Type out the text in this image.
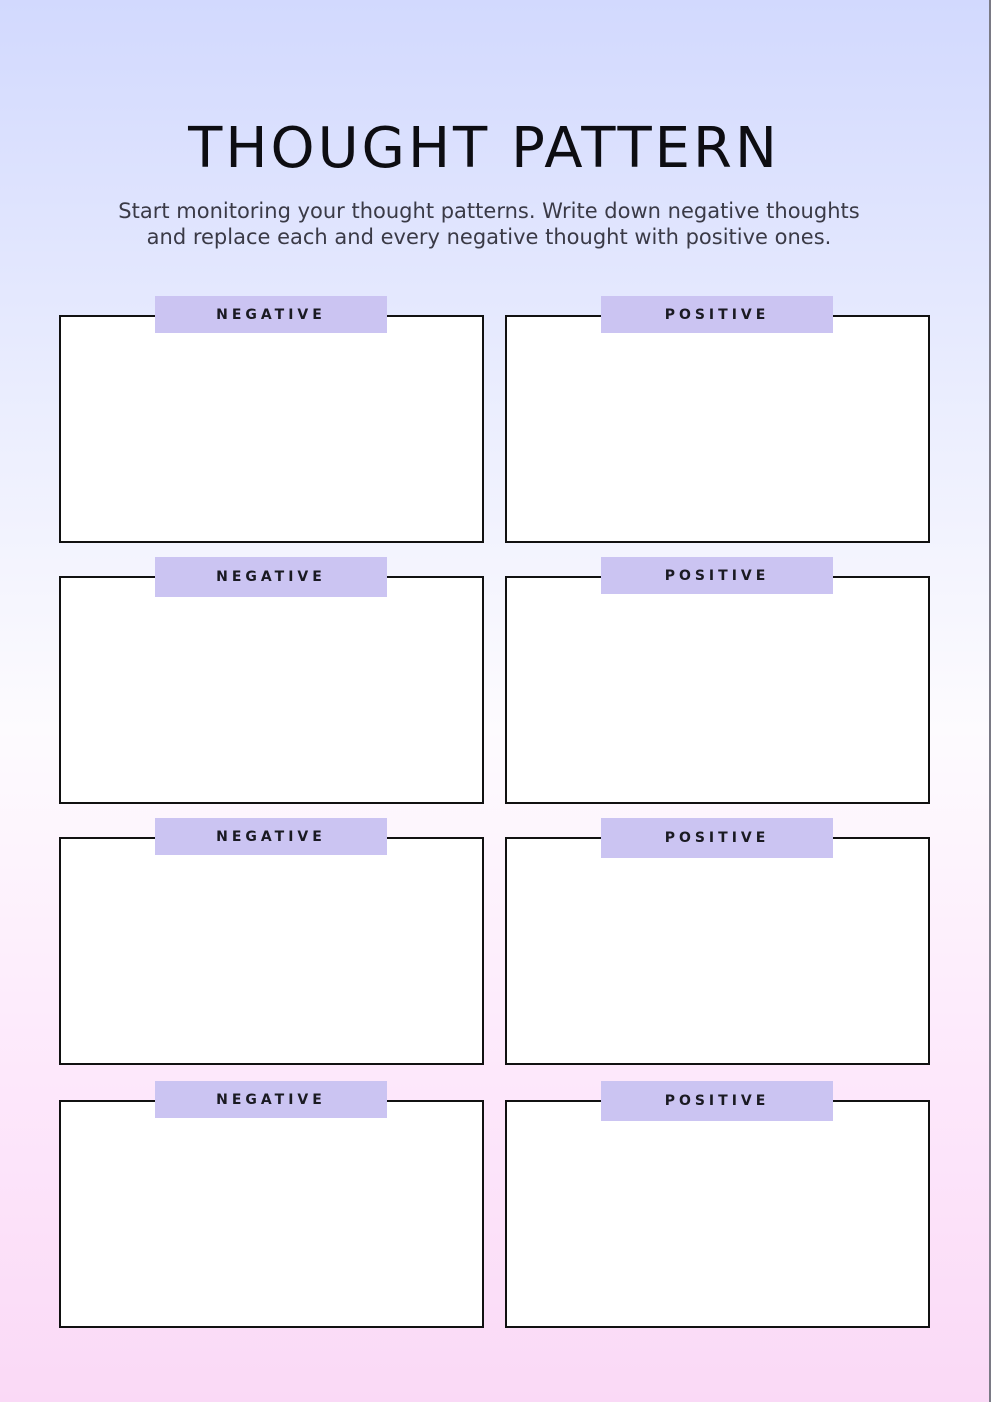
THOUGHT PATTERN

Start monitoring your thought patterns. Write down negative thoughts
and replace each and every negative thought with positive ones.

NEGATIVE	POSITIVE
NEGATIVE	POSITIVE
NEGATIVE	POSITIVE
NEGATIVE	POSITIVE
